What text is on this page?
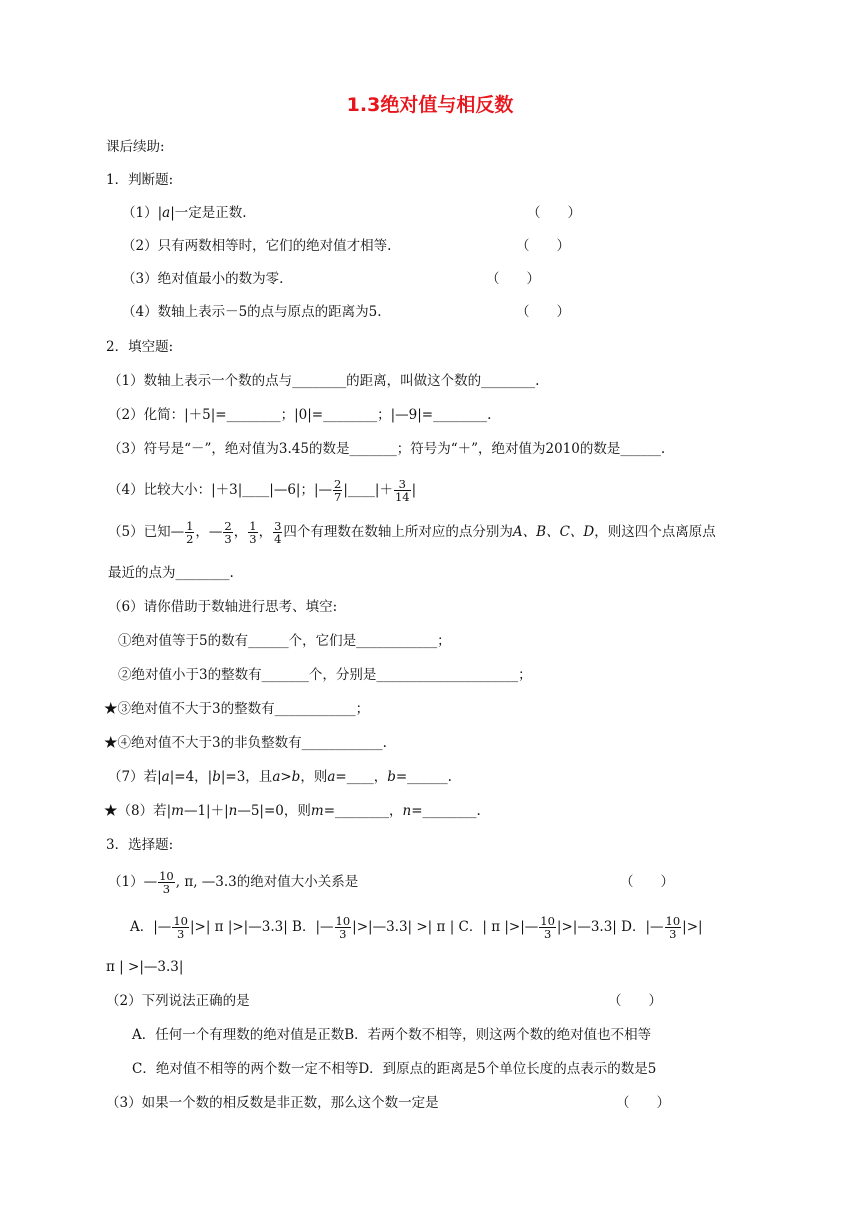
1.3绝对值与相反数
课后续助:
1．判断题:
（1）|a|一定是正数.	（　　）
（2）只有两数相等时，它们的绝对值才相等.	（　　）
（3）绝对值最小的数为零.	（　　）
（4）数轴上表示－5的点与原点的距离为5.	（　　）
2．填空题:
（1）数轴上表示一个数的点与________的距离，叫做这个数的________.
（2）化简：|＋5|=________；|0|=________；|—9|=________.
（3）符号是“－”，绝对值为3.45的数是_______；符号为“＋”，绝对值为2010的数是______.
（4）比较大小：|＋3|____|—6|；|— $\frac{2}{7}$ |____|＋ $\frac{3}{14}$ |
（5）已知— $\frac{1}{2}$ ，— $\frac{2}{3}$ ， $\frac{1}{3}$ ， $\frac{3}{4}$ 四个有理数在数轴上所对应的点分别为A、B、C、D，则这四个点离原点
最近的点为________.
（6）请你借助于数轴进行思考、填空:
①绝对值等于5的数有______个，它们是____________；
②绝对值小于3的整数有_______个，分别是_____________________；
★③绝对值不大于3的整数有____________；
★④绝对值不大于3的非负整数有____________.
（7）若|a|=4，|b|=3，且a>b，则a=____，b=______.
★（8）若|m—1|＋|n—5|=0，则m=________，n=________.
3．选择题:
（1）— $\frac{10}{3}$ , π, —3.3的绝对值大小关系是	（　　）
A．|— $\frac{10}{3}$ |>| π |>|—3.3| B．|— $\frac{10}{3}$ |>|—3.3| >| π | C．| π |>|— $\frac{10}{3}$ |>|—3.3| D．|— $\frac{10}{3}$ |>|
π | >|—3.3|
（2）下列说法正确的是	（　　）
A．任何一个有理数的绝对值是正数B．若两个数不相等，则这两个数的绝对值也不相等
C．绝对值不相等的两个数一定不相等D．到原点的距离是5个单位长度的点表示的数是5
（3）如果一个数的相反数是非正数，那么这个数一定是	（　　）
